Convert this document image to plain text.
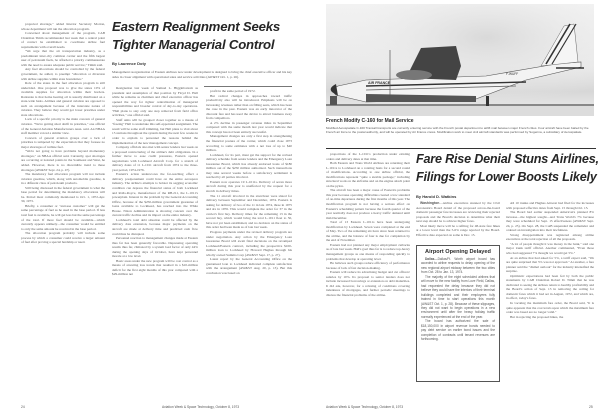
projected shortage," added Interior Secretary Morton, whose department will run the allocation program.

Concerned about management of the program, CAB Chairman Timm recommended last week that a central point of contact be established to coordinate airline fuel requirements with overall needs.

"We urge that the air transportation industry, as a predominant inter-city common carrier and the fifth largest user of petroleum fuels, be afforded a priority commensurate with the need to assure adequate public service," Timm said.

Any fuel allocations should be controlled by the federal government, he added, to preempt "allocation or diversion with airline supplies within state boundaries."

Role of the states in the fuel allocation program is still undecided. One proposal was to give the states 10% of available supplies for allocation within their borders. Rationale is that home heating oil is usually distributed on a state-wide basis. Airlines and general aviation are opposed to such an arrangement because of the interstate nature of aviation. They believe they would get lower priorities under state allocations.

Lack of a specific priority is the main concern of general aviation. "We're getting short shrift in priorities," one official of the General Aviation Manufacturers Assn. said. An NBAA staff member voiced a similar view.

Concern of general aviation groups over a lack of priorities is tempered by the expectation that they foresee no major shortages of turbine fuel.

"We're not going to have problems beyond momentary shortages," an NBAA official said. Currently, spot shortages are occurring at isolated points in the Southeast and West, he added. However, there is no discernible trend to these shortages (AW&ST Sept. 24, p. 47).

The mandatory fuel allocation program will not include aviation gasoline, which, along with automobile gasoline, is in a different class of petroleum products.

Still being discussed in the federal government is what the base period for determining the mandatory allocations will be. Period most commonly mentioned is Oct. 1, 1972-Apr. 30, 1973.

Briefly, a consumer or "end-use customer" will get the same percentage of fuel as he used in the base period. If less total fuel is available, he will get less but the same percentage of the total. If more fuel should be available—which currently appears unlikely—the consumer would be entitled to only the same amount he received in the base period.

The allocation program probably will include some process by which a consumer could receive a larger amount of fuel after proving a special hardship or need.

Eastern Realignment Seeks
Tighter Managerial Control
By Laurence Doty
Management reorganization of Eastern Airlines now under development is designed to bring the chief executive officer and his key aides in closer alignment with operational sales and service activities (AW&ST Oct. 1, p. 26).

Resignation last week of Samuel L. Higginbottom as president and assumption of that position by Floyd D. Hall while he remains as chairman and chief executive officer has opened the way for tighter centralization of managerial responsibilities and broader control of day-to-day operations. "Hall plans to stay only one step removed from field office activities," one official said.

Staff units will be grouped closer together as a means of "freeing" Hall to undertake this self-appointed assignment. The result will be some staff trimming, but Hall plans to visit about 15 stations throughout the system during the next few weeks in order to explain to personnel the reasons behind the implementation of the new management concept.

Company officials also met with senior lenders last week on a proposed restructuring of the airline's debt obligations. In a further move to ease credit pressures, Eastern opened negotiations with Lockheed Aircraft Corp. for a stretch of delivery dates of 11 L-1011 aircraft from 1974 to the three-year period, 1974-1976.

Eastern's action underscores the far-reaching effect a delivery postponement could have on the entire aerospace industry. The airline's attempts to bolster its sagging economic condition can depress the financial status of both Lockheed and Rolls-Royce, manufacturer of the RB.211, the L-1011's powerplant. Interest in the problem by the General Accounting Office, because of the $250-million government guarantee of loans available to Lockheed, has reached into the White House. Nixon Administration is showing concern over the current traffic decline and its impact on the entire industry.

Lockheed's total debt situation could be affected by the delivery date extension, because major payments on the aircraft are made at delivery time and predicted cash flow could thus be disrupted.

Personnel reaction to management changes made at Eastern thus far has been generally favorable. Depressing operating results thus far, climaxed by a system load factor of only 44% during the opening days of October, have kept personnel morale at a low level.

Basic areas under the new program will be cost control as a means of arresting loss trends that resulted in a $10-million deficit for the first eight months of this year compared with a $29-million net

profit in the same period of 1972.

But radical changes in approaches toward traffic productivity also will be introduced. Emphasis will be on increasing revenues rather than on filling seats, which has been the case in the past. Eastern was an early innovator of the discount fare and has used the device to attract business away from competitors.

A 2% decline in passenger revenue miles in September compared with the same month last year would indicate that this concept has not been entirely successful.

Management changes are only a first step in strengthening the financial posture of the carrier, which could close 1973 according to some estimates with a net loss of up to $40 million.

Lockheed, for its part, must get the support for the revised delivery schedule from senior lenders and the Emergency Loan Guarantee Board, which has already endorsed loans of $180 million out of the $250 million authorized. Such transactions may take several weeks before a satisfactory settlement is reached by all parties involved.

Eastern now operates 19 L-1011s. Delivery of seven more aircraft during this year is unaffected by the request for a stretch in delivery times.

The 11 aircraft involved in the stretchout were slated for delivery between September and December, 1974. Eastern is asking for delivery of two of the 11 in late 1974, three in 1975 and six in 1976. This would complete the order for 37 in the carrier's first buy. Delivery times for the remaining 13 in the second buy, which would bring the total L-1011 fleet to 50, have not yet been established, and no decision on the status of this order had been made as of late last week.

Progress payments under the revised delivery program are under negotiation. Any action by the Emergency Loan Guarantee Board will await final decisions on the revamped Lockheed/Eastern contract, including the prospective $100-million loan to Lockheed by Howard Hughes through his wholly owned Summa Corp (AW&ST Sept. 17, p. 27).

Latest report by the General Accounting Office on the guaranteed loan to Lockheed indicated complete satisfaction with the arrangement (AW&ST Aug. 20, p. 13). But this conclusion was based on

24	Aviation Week & Space Technology, October 8, 1973
AIR FRANCE
F-WUFF
French Modify C-160 for Mail Service
Modified Aerospatiale C-160 Transall transports are currently entering service with the French postal department to airlift mail between major French cities. Four aircraft have been bailed by the French air force to the postal authority, and will be operated by Air France crews. Modification work to meet civil aircraft standards was performed by Sogerma, a subsidiary of Aerospatiale.

proportions of the L-1011's production under existing orders and delivery dates at that time.

Both Eastern and Trans World Airlines are returning their L-1011s to Lockheed on a rotating basis for a second round of modifications. According to one airline official, the modifications represent "quite a sizable package," including structural work on the airframe and on the engine attach point on the pylon.

The aircraft has been a major cause of Eastern's problems this year because operating difficulties created a low standard of on-time departures during the first months of this year. The modification program is not having a serious effect on Eastern's scheduling pattern because the fourth quarter of the year normally does not produce a heavy traffic demand until mid-December.

Total of 13 Eastern L-1011s have been undergoing modification by Lockheed. Seven were completed at the end of May. Two of the remaining six have since been returned to the airline, and the balance of four is due for completion by the end of November.

Eastern had not planned any major employment cutbacks as of late last week. Hall's goal thus far is to reduce top-heavy management groups as one means of responding quickly to problems that develop at operating level.

He believes such groups reduce efficiency of performance because of lack of fast decision-making.

Eastern will reduce its advertising budget and cut officers' salaries by 10%. Its proposal to senior lenders does not include increased borrowings or extension on debt maturities. It did ask, however, for a relaxing of conditions covering indentures of mortgages, and further periodic meetings to discuss the financial problems of the airline.

Fare Rise Denial Stuns Airlines,
Filings for Lower Boosts Likely
By Harold D. Watkins

Washington—Airline executives stunned by the Civil Aeronautics Board denial of the proposed across-the-board domestic passenger fare increases are reviewing their rejected proposals and the Board's decision to determine what their next step should be to achieve higher fares.

Most likely move will be a refiling for 48-state fare hikes at a lower level than the 5-6% range rejected by the Board. Effective date expected on some is Dec. 15.

Airport Opening Delayed

Dallas—Dallas/Ft. Worth airport board has acceded to airline requests to delay opening of the new regional airport midway between the two cities from Oct. 28 to Jan. 13, 1974.

The majority of the eight scheduled airlines that will move to the new facility from Love Field, Dallas, had requested the delay because they did not believe they could have the interiors of their terminal buildings completed and their employees fully trained in time to start operations this month (AW&ST Oct. 1, p. 28). Because of these slippages, they did not want to begin operations in a new environment until after the heavy holiday traffic normally experienced at the end of the year.

The board has authorized the sale of $18,150,000 in airport revenue bonds needed to pay debt service on earlier bond issues and the completion of contracts until tenant revenues are forthcoming.

All 10 trunks and Hughes Airwest had filed for the increases with proposed effective dates from Sept. 15 through Oct. 15.

The Board had earlier suspended American's planned 8% increase—the highest sought—and Trans World's 7% because they were scheduled for Sept. 15 effectiveness (AW&ST Sept. 24, p. 25). On Sept. 28, the CAB suspended the remainder and ordered an investigation into their lawfulness.

Strong disappointment was registered among airline executives at the total rejection of all the proposals.

"A lot of people thought it was money in the bank," said one major trunk tariff official. Another commented, "Even those who had suggested 7% thought we would get 5%."

At an airline that had asked for 5%, a tariff expert said, "We are quite surprised that 5% was not approved." At another, a fare planner said the "dismal outlook" for the industry intensified the surprise.

Optimistic expectations had been fed by both the public statements by CAB Chairman Robert D. Timm that he was dedicated to seeing the airlines return to healthy profitability and the Board's action of Sept. 13 in removing the ceiling for domestic fares which it had set in August, 1972, and which are, in effect, today's fares.

In vacating the maximum fare order, the Board said, "It is quite apparent that the cost levels upon which the maximum fare order was based are no longer valid."

But in rejecting the proposed hikes, the

Aviation Week & Space Technology, October 8, 1973	25
